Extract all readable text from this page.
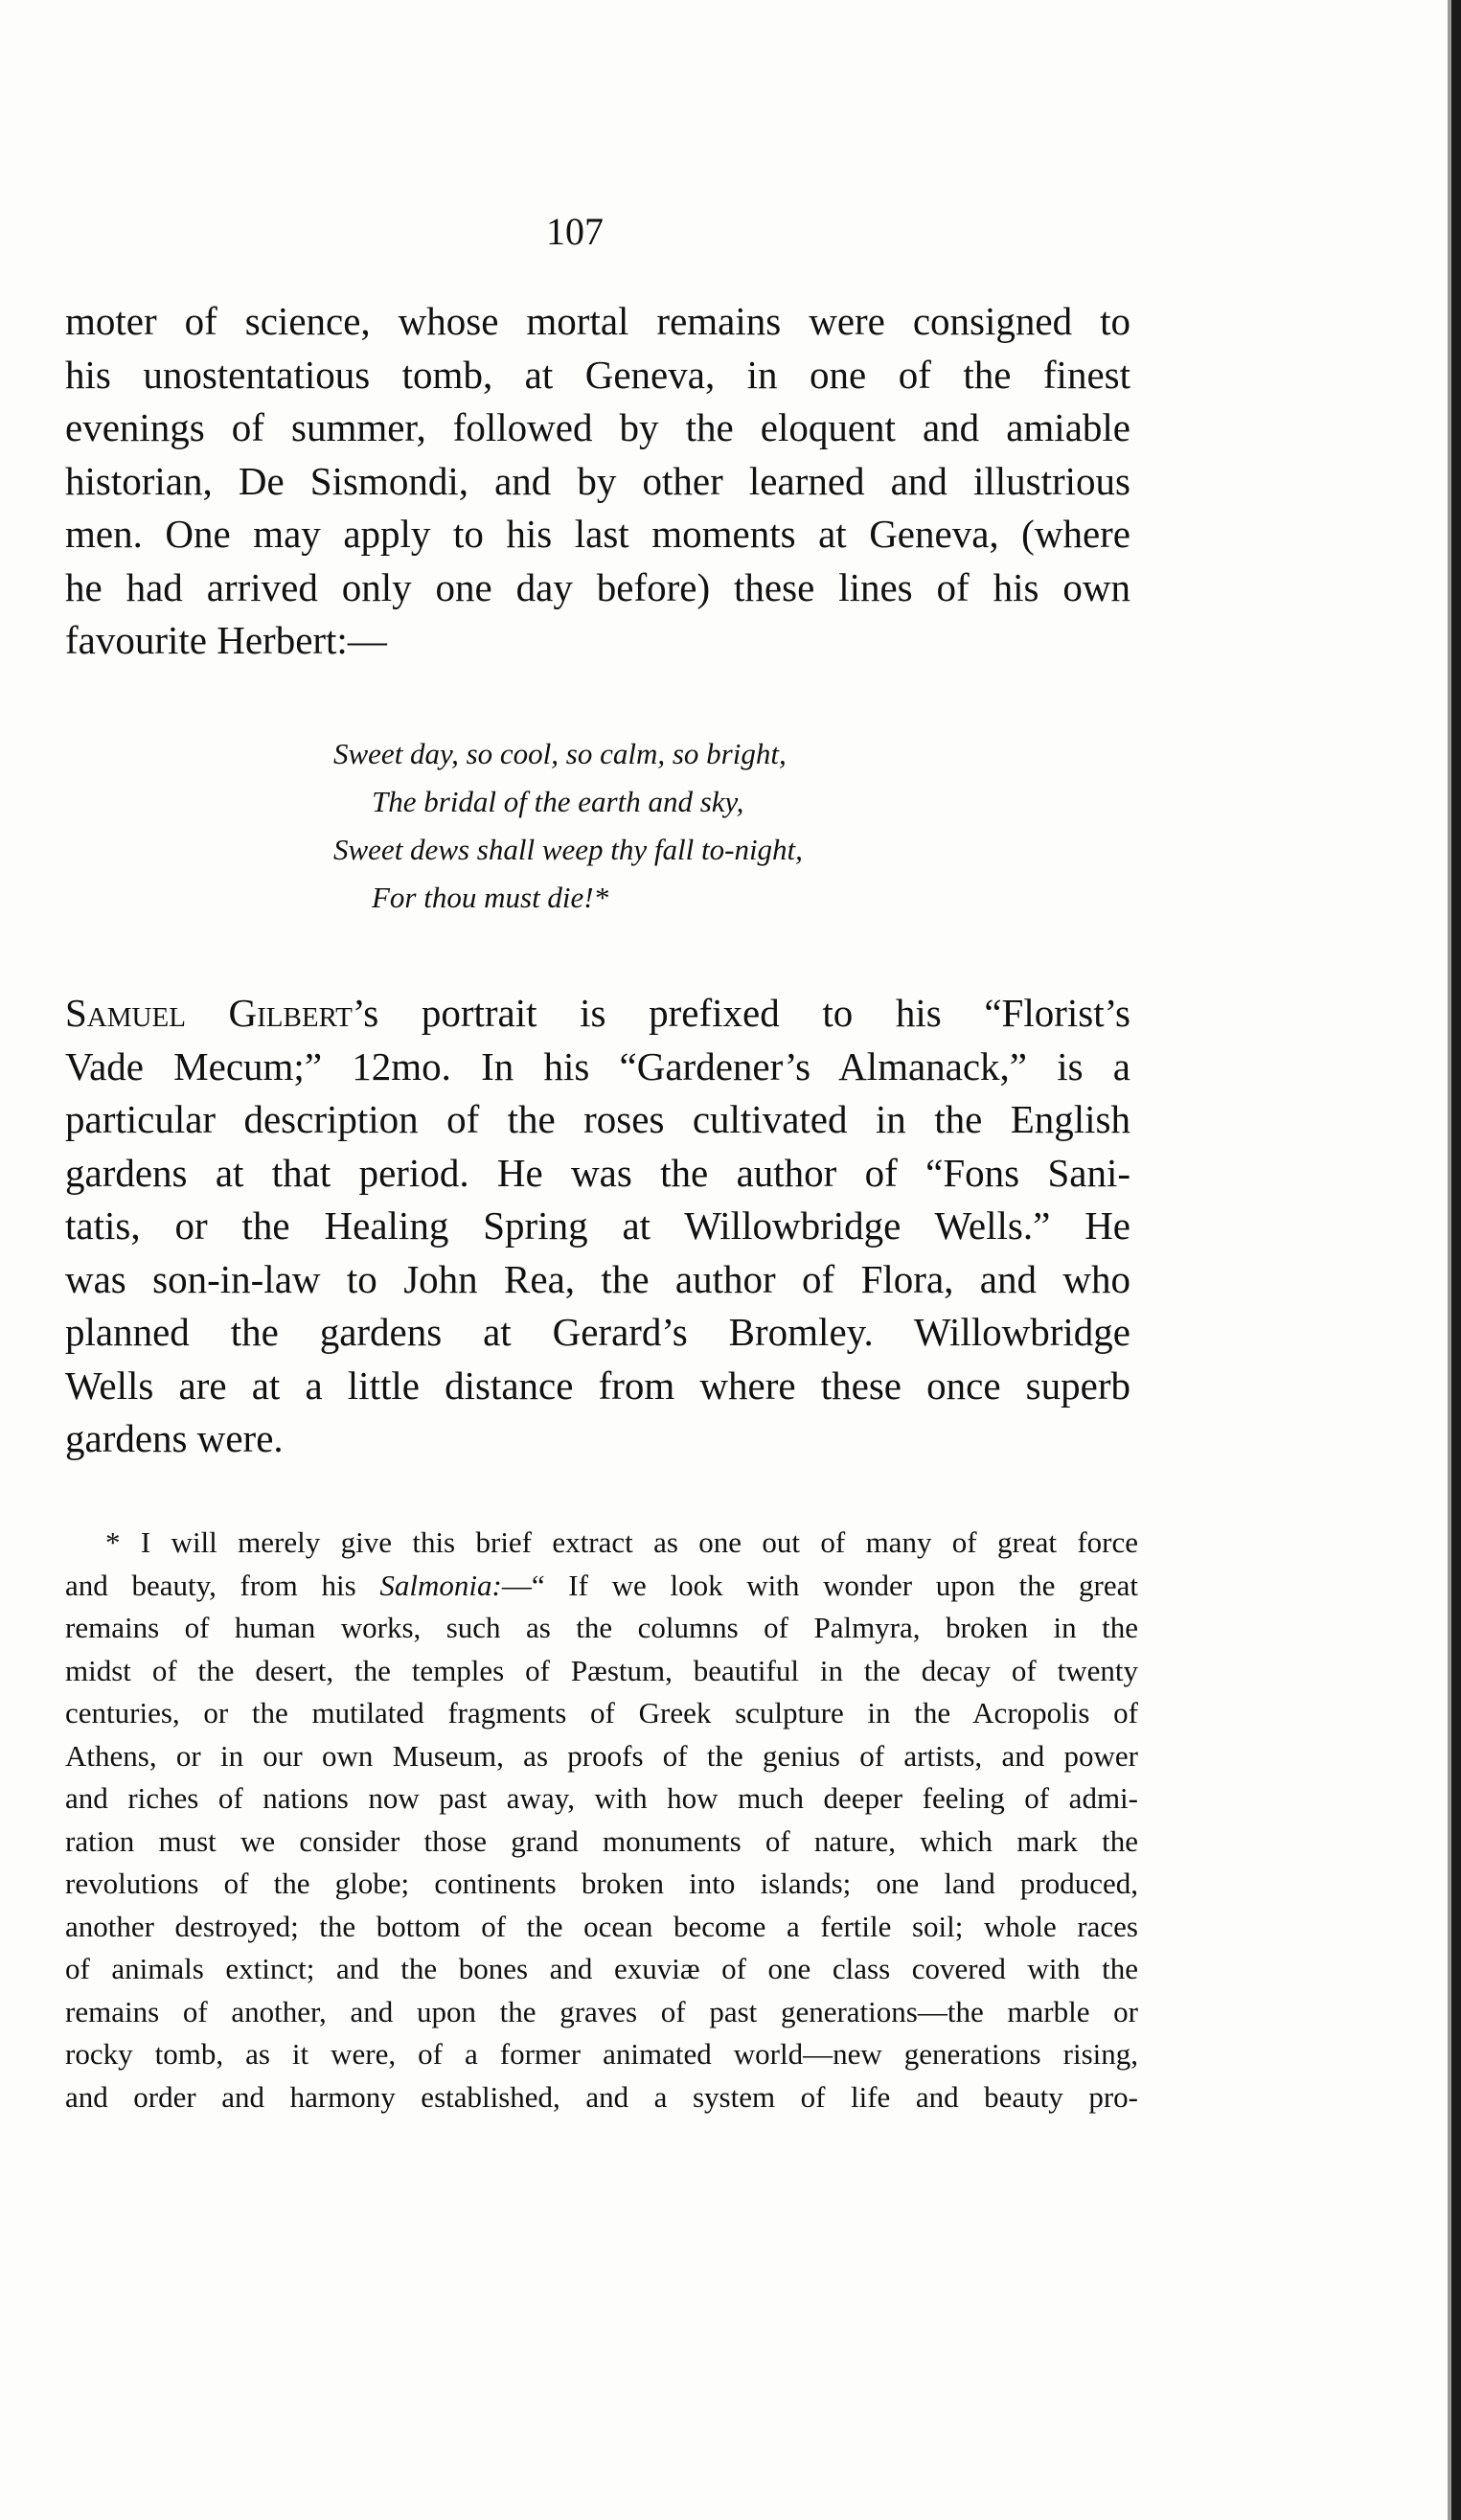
107
moter of science, whose mortal remains were consigned to
his unostentatious tomb, at Geneva, in one of the finest
evenings of summer, followed by the eloquent and amiable
historian, De Sismondi, and by other learned and illustrious
men. One may apply to his last moments at Geneva, (where
he had arrived only one day before) these lines of his own
favourite Herbert:—
Sweet day, so cool, so calm, so bright,
The bridal of the earth and sky,
Sweet dews shall weep thy fall to-night,
For thou must die!*
Samuel Gilbert’s portrait is prefixed to his “Florist’s
Vade Mecum;” 12mo. In his “Gardener’s Almanack,” is a
particular description of the roses cultivated in the English
gardens at that period. He was the author of “Fons Sani-
tatis, or the Healing Spring at Willowbridge Wells.” He
was son-in-law to John Rea, the author of Flora, and who
planned the gardens at Gerard’s Bromley. Willowbridge
Wells are at a little distance from where these once superb
gardens were.
* I will merely give this brief extract as one out of many of great force
and beauty, from his Salmonia:—“ If we look with wonder upon the great
remains of human works, such as the columns of Palmyra, broken in the
midst of the desert, the temples of Pæstum, beautiful in the decay of twenty
centuries, or the mutilated fragments of Greek sculpture in the Acropolis of
Athens, or in our own Museum, as proofs of the genius of artists, and power
and riches of nations now past away, with how much deeper feeling of admi-
ration must we consider those grand monuments of nature, which mark the
revolutions of the globe; continents broken into islands; one land produced,
another destroyed; the bottom of the ocean become a fertile soil; whole races
of animals extinct; and the bones and exuviæ of one class covered with the
remains of another, and upon the graves of past generations—the marble or
rocky tomb, as it were, of a former animated world—new generations rising,
and order and harmony established, and a system of life and beauty pro-
